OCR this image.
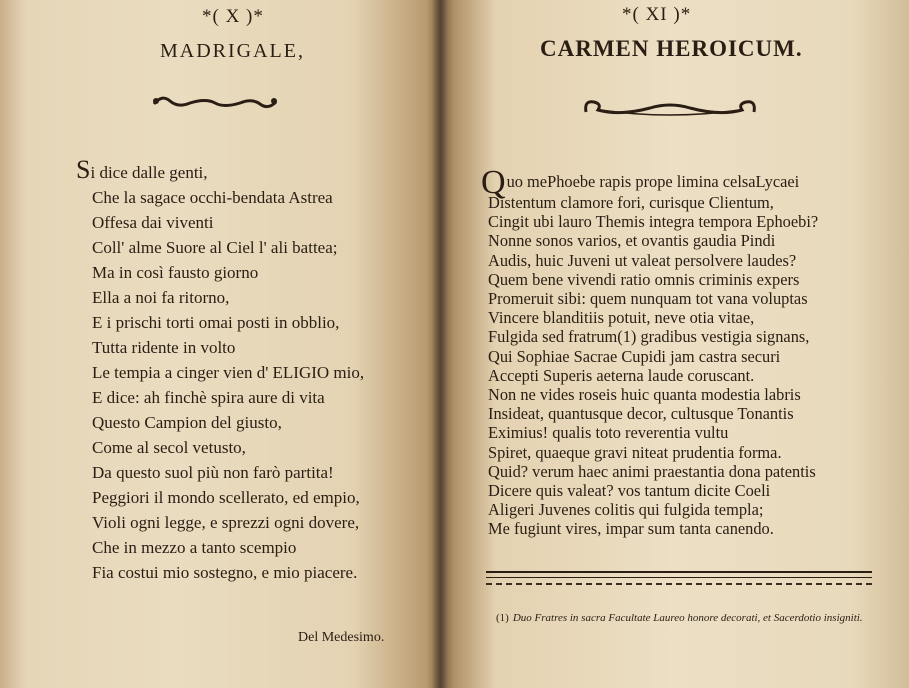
*( X )*
MADRIGALE,
Si dice dalle genti,
Che la sagace occhi-bendata Astrea
Offesa dai viventi
Coll' alme Suore al Ciel l' ali battea;
Ma in così fausto giorno
Ella a noi fa ritorno,
E i prischi torti omai posti in obblio,
Tutta ridente in volto
Le tempia a cinger vien d' ELIGIO mio,
E dice: ah finchè spira aure di vita
Questo Campion del giusto,
Come al secol vetusto,
Da questo suol più non farò partita!
Peggiori il mondo scellerato, ed empio,
Violi ogni legge, e sprezzi ogni dovere,
Che in mezzo a tanto scempio
Fia costui mio sostegno, e mio piacere.
Del Medesimo.
*( XI )*
CARMEN HEROICUM.
Quo mePhoebe rapis prope limina celsaLycaei
Distentum clamore fori, curisque Clientum,
Cingit ubi lauro Themis integra tempora Ephoebi?
Nonne sonos varios, et ovantis gaudia Pindi
Audis, huic Juveni ut valeat persolvere laudes?
Quem bene vivendi ratio omnis criminis expers
Promeruit sibi: quem nunquam tot vana voluptas
Vincere blanditiis potuit, neve otia vitae,
Fulgida sed fratrum(1) gradibus vestigia signans,
Qui Sophiae Sacrae Cupidi jam castra securi
Accepti Superis aeterna laude coruscant.
Non ne vides roseis huic quanta modestia labris
Insideat, quantusque decor, cultusque Tonantis
Eximius! qualis toto reverentia vultu
Spiret, quaeque gravi niteat prudentia forma.
Quid? verum haec animi praestantia dona patentis
Dicere quis valeat? vos tantum dicite Coeli
Aligeri Juvenes colitis qui fulgida templa;
Me fugiunt vires, impar sum tanta canendo.
(1) Duo Fratres in sacra Facultate Laureo honore decorati, et Sacerdotio insigniti.
